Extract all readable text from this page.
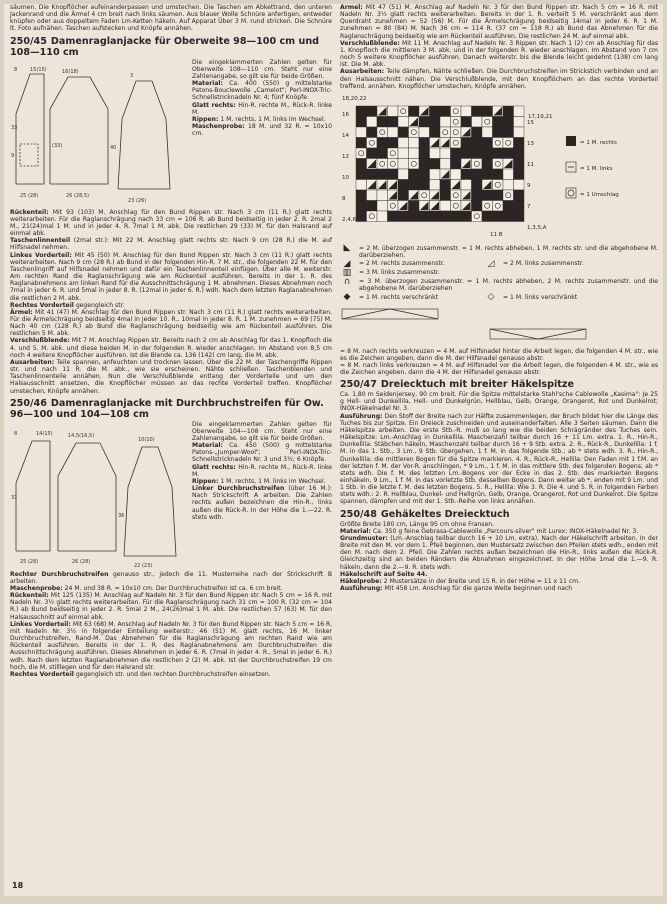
säumen. Die Knopflöcher aufeinanderpassen und umstechen. Die Taschen am Abkettrand, den unteren Jackenrand und die Ärmel 4 cm breit nach links säumen. Aus blauer Wolle Schnüre anfertigen, entweder knüpfen oder aus doppeltem Faden Lm-Ketten häkeln. Auf Apparat Über 3 M. rund stricken. Die Schnüre lt. Foto aufnähen. Taschen aufstecken und Knöpfe annähen.

250/45 Damenraglanjacke für Oberweite 98—100 cm und 108—110 cm
8	15(15)	16(18)
3
33
9
(33)	40
25 (28)	26 (28,5)
23 (26)

Die eingeklammerten Zahlen gelten für Oberweite 108—110 cm. Steht nur eine Zahlenangabe, so gilt sie für beide Größen.

Material: Ca. 400 (550) g mittelstarke Patons-Bouclewolle „Camelot"; Perl-INOX-Tric-Schnellstricknadeln Nr. 4; fünf Knöpfe.

Glatt rechts: Hin-R. rechte M., Rück-R. linke M.

Rippen: 1 M. rechts, 1 M. links im Wechsel.

Maschenprobe: 18 M. und 32 R. = 10x10 cm.

Rückenteil: Mit 93 (103) M. Anschlag für den Bund Rippen str. Nach 3 cm (11 R.) glatt rechts weiterarbeiten. Für die Raglanschrägung nach 33 cm = 106 R. ab Bund beidseitig in jeder 2. R. 2mal 2 M., 21(24)mal 1 M. und in jeder 4. R. 7mal 1 M. abk. Die restlichen 29 (33) M. für den Halsrand auf einmal abk.

Taschenlinnenteil (2mal str.): Mit 22 M. Anschlag glatt rechts str. Nach 9 cm (28 R.) die M. auf Hilfsnadel nehmen.

Linkes Vorderteil: Mit 45 (50) M. Anschlag für den Bund Rippen str. Nach 3 cm (11 R.) glatt rechts weiterarbeiten. Nach 9 cm (28 R.) ab Bund in der folgenden Hin-R. 7 M. str., die folgenden 22 M. für den Taschenlingriff auf Hilfsnadel nehmen und dafür ein Taschenlinnenteil einfügen. Über alle M. weiterstr. Am rechten Rand die Raglanschrägung wie am Rückenteil ausführen. Bereits in der 1. R. des Raglanabnehmens am linken Rand für die Ausschnittschrägung 1 M. abnehmen. Dieses Abnehmen noch 7mal in jeder 6. R. und 5mal in jeder 8. R. (12mal in jeder 6. R.) wdh. Nach dem letzten Raglanabnehmen die restlichen 2 M. abk.

Rechtes Vorderteil gegengleich str.

Ärmel: Mit 41 (47) M. Anschlag für den Bund Rippen str. Nach 3 cm (11 R.) glatt rechts weiterarbeiten. Für die Ärmelschrägung beidseitig 4mal in jeder 10. R., 10mal in jeder 8. R. 1 M. zunehmen = 69 (75) M. Nach 40 cm (128 R.) ab Bund die Raglanschrägung beidseitig wie am Rückenteil ausführen. Die restlichen 5 M. abk.

Verschlußblende: Mit 7 M. Anschlag Rippen str. Bereits nach 2 cm ab Anschlag für das 1. Knopfloch die 4. und 5. M. abk. und diese beiden M. in der folgenden R. wieder anschlagen. Im Abstand von 8,5 cm noch 4 weitere Knopflöcher ausführen. Ist die Blende ca. 136 (142) cm lang, die M. abk.

Ausarbeiten: Teile spannen, anfeuchten und trocknen lassen. Über die 22 M. der Taschengriffe Rippen str. und nach 11 R. die M. abk., wie sie erscheinen. Nähte schließen. Taschenblenden und Taschenlinnenteile annähen. Nun die Verschlußblende entlang der Vorderteile und um den Halsausschnitt ansetzen, die Knopflöcher müssen an das rechte Vorderteil treffen. Knopflöcher umstechen, Knöpfe annähen.

250/46 Damenraglanjacke mit Durchbruchstreifen für Ow. 96—100 und 104—108 cm
8	14(15)	14,5(16,5)
10(10)
31
36
25 (28)	26 (28)
22 (23)

Die eingeklammerten Zahlen gelten für Oberweite 104—108 cm. Steht nur eine Zahlenangabe, so gilt sie für beide Größen.

Material: Ca. 450 (500) g mittelstarke Patons-„Jumper-Wool"; Perl-INOX-Tric-Schnellstricknadeln Nr. 3 und 3½; 6 Knöpfe.

Glatt rechts: Hin-R. rechte M., Rück-R. linke M.

Rippen: 1 M. rechts, 1 M. links im Wechsel.

Linker Durchbruchstreifen (über 16 M.): Nach Strickschrift A arbeiten. Die Zahlen rechts außen bezeichnen die Hin-R., links außen die Rück-R. In der Höhe die 1.—22. R. stets wdh.

Rechter Durchbruchstreifen genauso str., jedoch die 11. Musterreihe nach der Strickschrift B arbeiten.

Maschenprobe: 24 M. und 38 R. = 10x10 cm. Der Durchbruchstreifen ist ca. 6 cm breit.

Rückenteil: Mit 125 (135) M. Anschlag auf Nadeln Nr. 3 für den Bund Rippen str. Nach 5 cm = 16 R. mit Nadeln Nr. 3½ glatt rechts weiterarbeiten. Für die Raglanschrägung nach 31 cm = 100 R. (32 cm = 104 R.) ab Bund beidseitig in jeder 2. R. 5mal 2 M., 24(26)mal 1 M. abk. Die restlichen 57 (63) M. für den Halsausschnitt auf einmal abk.

Linkes Vorderteil: Mit 63 (68) M. Anschlag auf Nadeln Nr. 3 für den Bund Rippen str. Nach 5 cm = 16 R. mit Nadeln Nr. 3½ in folgender Einteilung weiterstr.: 46 (51) M. glatt rechts, 16 M. linker Durchbruchstreifen, Rand-M. Das Abnehmen für die Raglanschrägung am rechten Rand wie am Rückenteil ausführen. Bereits in der 1. R. des Raglanabnehmens am Durchbruchstreifen die Ausschnittschrägung ausführen. Dieses Abnehmen in jeder 6. R. (7mal in jeder 4. R., 5mal in jeder 6. R.) wdh. Nach dem letzten Raglanabnehmen die restlichen 2 (2) M. abk. Ist der Durchbruchstreifen 19 cm hoch, die M. stilllegen und für den Halsrand str.

Rechtes Vorderteil gegengleich str. und den rechten Durchbruchstreifen einsetzen.

Ärmel: Mit 47 (51) M. Anschlag auf Nadeln Nr. 3 für den Bund Rippen str. Nach 5 cm = 16 R. mit Nadeln Nr. 3½ glatt rechts weiterarbeiten. Bereits in der 1. R. verteilt 5 M. verschränkt aus dem Querdraht zunehmen = 52 (56) M. Für die Ärmelschrägung beidseitig 14mal in jeder 6. R. 1 M. zunehmen = 80 (84) M. Nach 36 cm = 114 R. (37 cm = 118 R.) ab Bund das Abnehmen für die Raglanschrägung beidseitig wie am Rückenteil ausführen. Die restlichen 24 M. auf einmal abk.

Verschlußblende: Mit 11 M. Anschlag auf Nadeln Nr. 3 Rippen str. Nach 1 (2) cm ab Anschlag für das 1. Knopfloch die mittleren 3 M. abk. und in der folgenden R. wieder anschlagen. Im Abstand von 7 cm noch 5 weitere Knopflöcher ausführen. Danach weiterstr. bis die Blende leicht gedehnt (138) cm lang ist. Die M. abk.

Ausarbeiten: Teile dämpfen, Nähte schließen. Die Durchbruchstreifen im Strickstich verbinden und an den Halsausschnitt nähen. Die Verschlußblende, mit den Knopflöchern an das rechte Vorderteil treffend, annähen. Knopflöcher umstechen, Knöpfe annähen.

18,20,22
17,19,21
11 B
16
14
12
10
8
2,4,6
15
13
11
9
7
1,3,5,A
= 1 M. rechts
= 1 M. links
= 1 Umschlag
◣	= 2 M. überzogen zusammenstr. = 1 M. rechts abheben, 1 M. rechts str. und die abgehobene M. darüberziehen.

◢	= 2 M. rechts zusammenstr.	◿	= 2 M. links zusammenstr.

▥	= 3 M. links zusammenstr.

∩	= 3 M. überzogen zusammenstr. = 1 M. rechts abheben, 2 M. rechts zusammenstr. und die abgehobene M. darüberziehen

◆	= 1 M. rechts verschränkt	◇	= 1 M. links verschränkt

= 8 M. nach rechts verkreuzen = 4 M. auf Hilfsnadel hinter die Arbeit legen, die folgenden 4 M. str., wie es die Zeichen angeben, dann die M. der Hilfsnadel genauso abstr.

= 8 M. nach links verkreuzen = 4 M. auf Hilfsnadel vor die Arbeit legen, die folgenden 4 M. str., wie es die Zeichen angeben, dann die 4 M. der Hilfsnadel genauso abstr.

250/47 Dreiecktuch mit breiter Häkelspitze

Ca. 1,80 m Seidenjersey, 90 cm breit. Für die Spitze mittelstarke Stahl'sche Cablewolle „Kasima": Je 25 g Hell- und Dunkellila, Hell- und Dunkelgrün, Hellblau, Gelb, Orange, Orangerot, Rot und Dunkelrot; INOX-Häkelnadel Nr. 3.

Ausführung: Den Stoff der Breite nach zur Hälfte zusammenlegen, der Bruch bildet hier die Länge des Tuches bis zur Spitze. Ein Dreieck zuschneiden und auseinanderfalten. Alle 3 Seiten säumen. Dann die Häkelspitze arbeiten. Die erste Stb.-R. muß so lang wie die beiden Schrägränder des Tuches sein. Häkelspitze: Lm.-Anschlag in Dunkellila. Maschenzahl teilbar durch 16 + 11 Lm. extra. 1. R., Hin-R., Dunkellila: Stäbchen häkeln, Maschenzahl teilbar durch 16 + 9 Stb. extra. 2. R., Rück-R., Dunkellila: 1 f. M. in das 1. Stb., 3 Lm., 9 Stb. übergehen, 1 f. M. in das folgende Stb.; ab * stets wdh. 3. R., Hin-R., Dunkellila: die mittleren Bogen für die Spitze markieren. 4. R., Rück-R., Hellila: Den Faden mit 1 f.M. an der letzten f. M. der Vor-R. anschlingen, * 9 Lm., 1 f. M. in das mittlere Stb. des folgenden Bogens; ab * stets wdh. Die f. M. des letzten Lm.-Bogens vor der Ecke in das 2. Stb. des markierten Bogens einhäkeln, 9 Lm., 1 f. M. in das vorletzte Stb. desselben Bogens. Dann weiter ab *, enden mit 9 Lm. und 1 Stb. in die letzte f. M. des letzten Bogens. 5. R., Hellila: Wie 3. R. Die 4. und 5. R. in folgenden Farben stets wdh.: 2. R. Hellblau, Dunkel- und Hellgrün, Gelb, Orange, Orangerot, Rot und Dunkelrot. Die Spitze spannen, dämpfen und mit der 1. Stb.-Reihe von links annähen.

250/48 Gehäkeltes Dreiecktuch

Größte Breite 180 cm, Länge 95 cm ohne Fransen.

Material: Ca. 350 g feine Gebrasa-Cablewolle „Parcours-silver" mit Lurex; INOX-Häkelnadel Nr. 3.

Grundmuster: (Lm.-Anschlag teilbar durch 16 + 10 Lm. extra). Nach der Häkelschrift arbeiten. In der Breite mit den M. vor dem 1. Pfeil beginnen, den Mustersatz zwischen den Pfeilen stets wdh., enden mit den M. nach dem 2. Pfeil. Die Zahlen rechts außen bezeichnen die Hin-R., links außen die Rück-R. Gleichzeitig sind an beiden Rändern die Abnahmen eingezeichnet. In der Höhe 1mal die 1.—9. R. häkeln, dann die 2.—9. R. stets wdh.

Häkelschrift auf Seite 44.

Häkelprobe: 2 Mustersätze in der Breite und 15 R. in der Höhe = 11 x 11 cm.

Ausführung: Mit 458 Lm. Anschlag für die ganze Weite beginnen und nach

18
